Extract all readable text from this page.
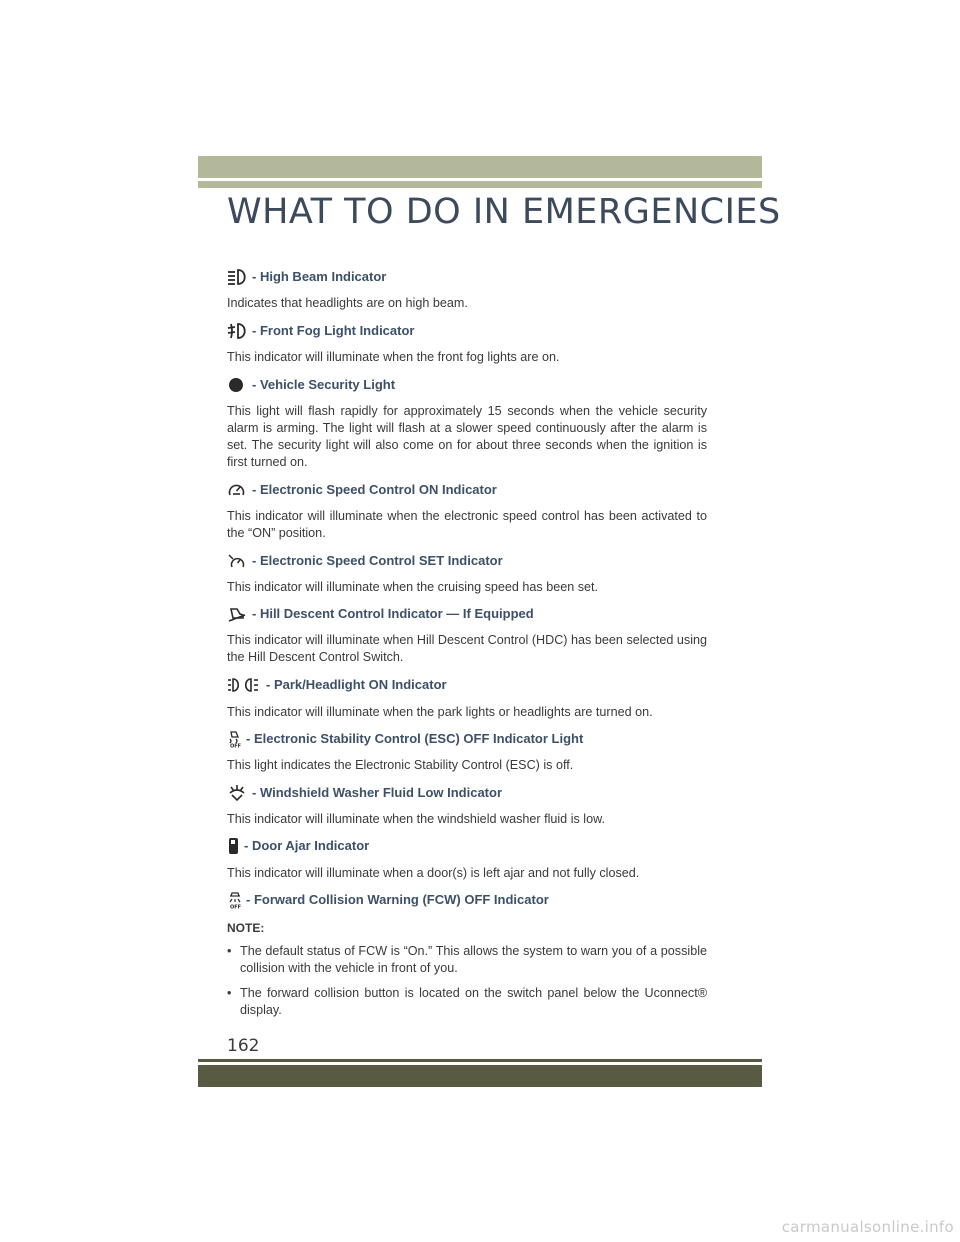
WHAT TO DO IN EMERGENCIES
- High Beam Indicator

Indicates that headlights are on high beam.

- Front Fog Light Indicator

This indicator will illuminate when the front fog lights are on.

- Vehicle Security Light

This light will flash rapidly for approximately 15 seconds when the vehicle security alarm is arming. The light will flash at a slower speed continuously after the alarm is set. The security light will also come on for about three seconds when the ignition is first turned on.

- Electronic Speed Control ON Indicator

This indicator will illuminate when the electronic speed control has been activated to the “ON” position.

- Electronic Speed Control SET Indicator

This indicator will illuminate when the cruising speed has been set.

- Hill Descent Control Indicator — If Equipped

This indicator will illuminate when Hill Descent Control (HDC) has been selected using the Hill Descent Control Switch.

- Park/Headlight ON Indicator

This indicator will illuminate when the park lights or headlights are turned on.

OFF
- Electronic Stability Control (ESC) OFF Indicator Light

This light indicates the Electronic Stability Control (ESC) is off.

- Windshield Washer Fluid Low Indicator

This indicator will illuminate when the windshield washer fluid is low.

- Door Ajar Indicator

This indicator will illuminate when a door(s) is left ajar and not fully closed.

OFF
- Forward Collision Warning (FCW) OFF Indicator

NOTE:

• The default status of FCW is “On.” This allows the system to warn you of a possible collision with the vehicle in front of you.
• The forward collision button is located on the switch panel below the Uconnect® display.

162

carmanualsonline.info
